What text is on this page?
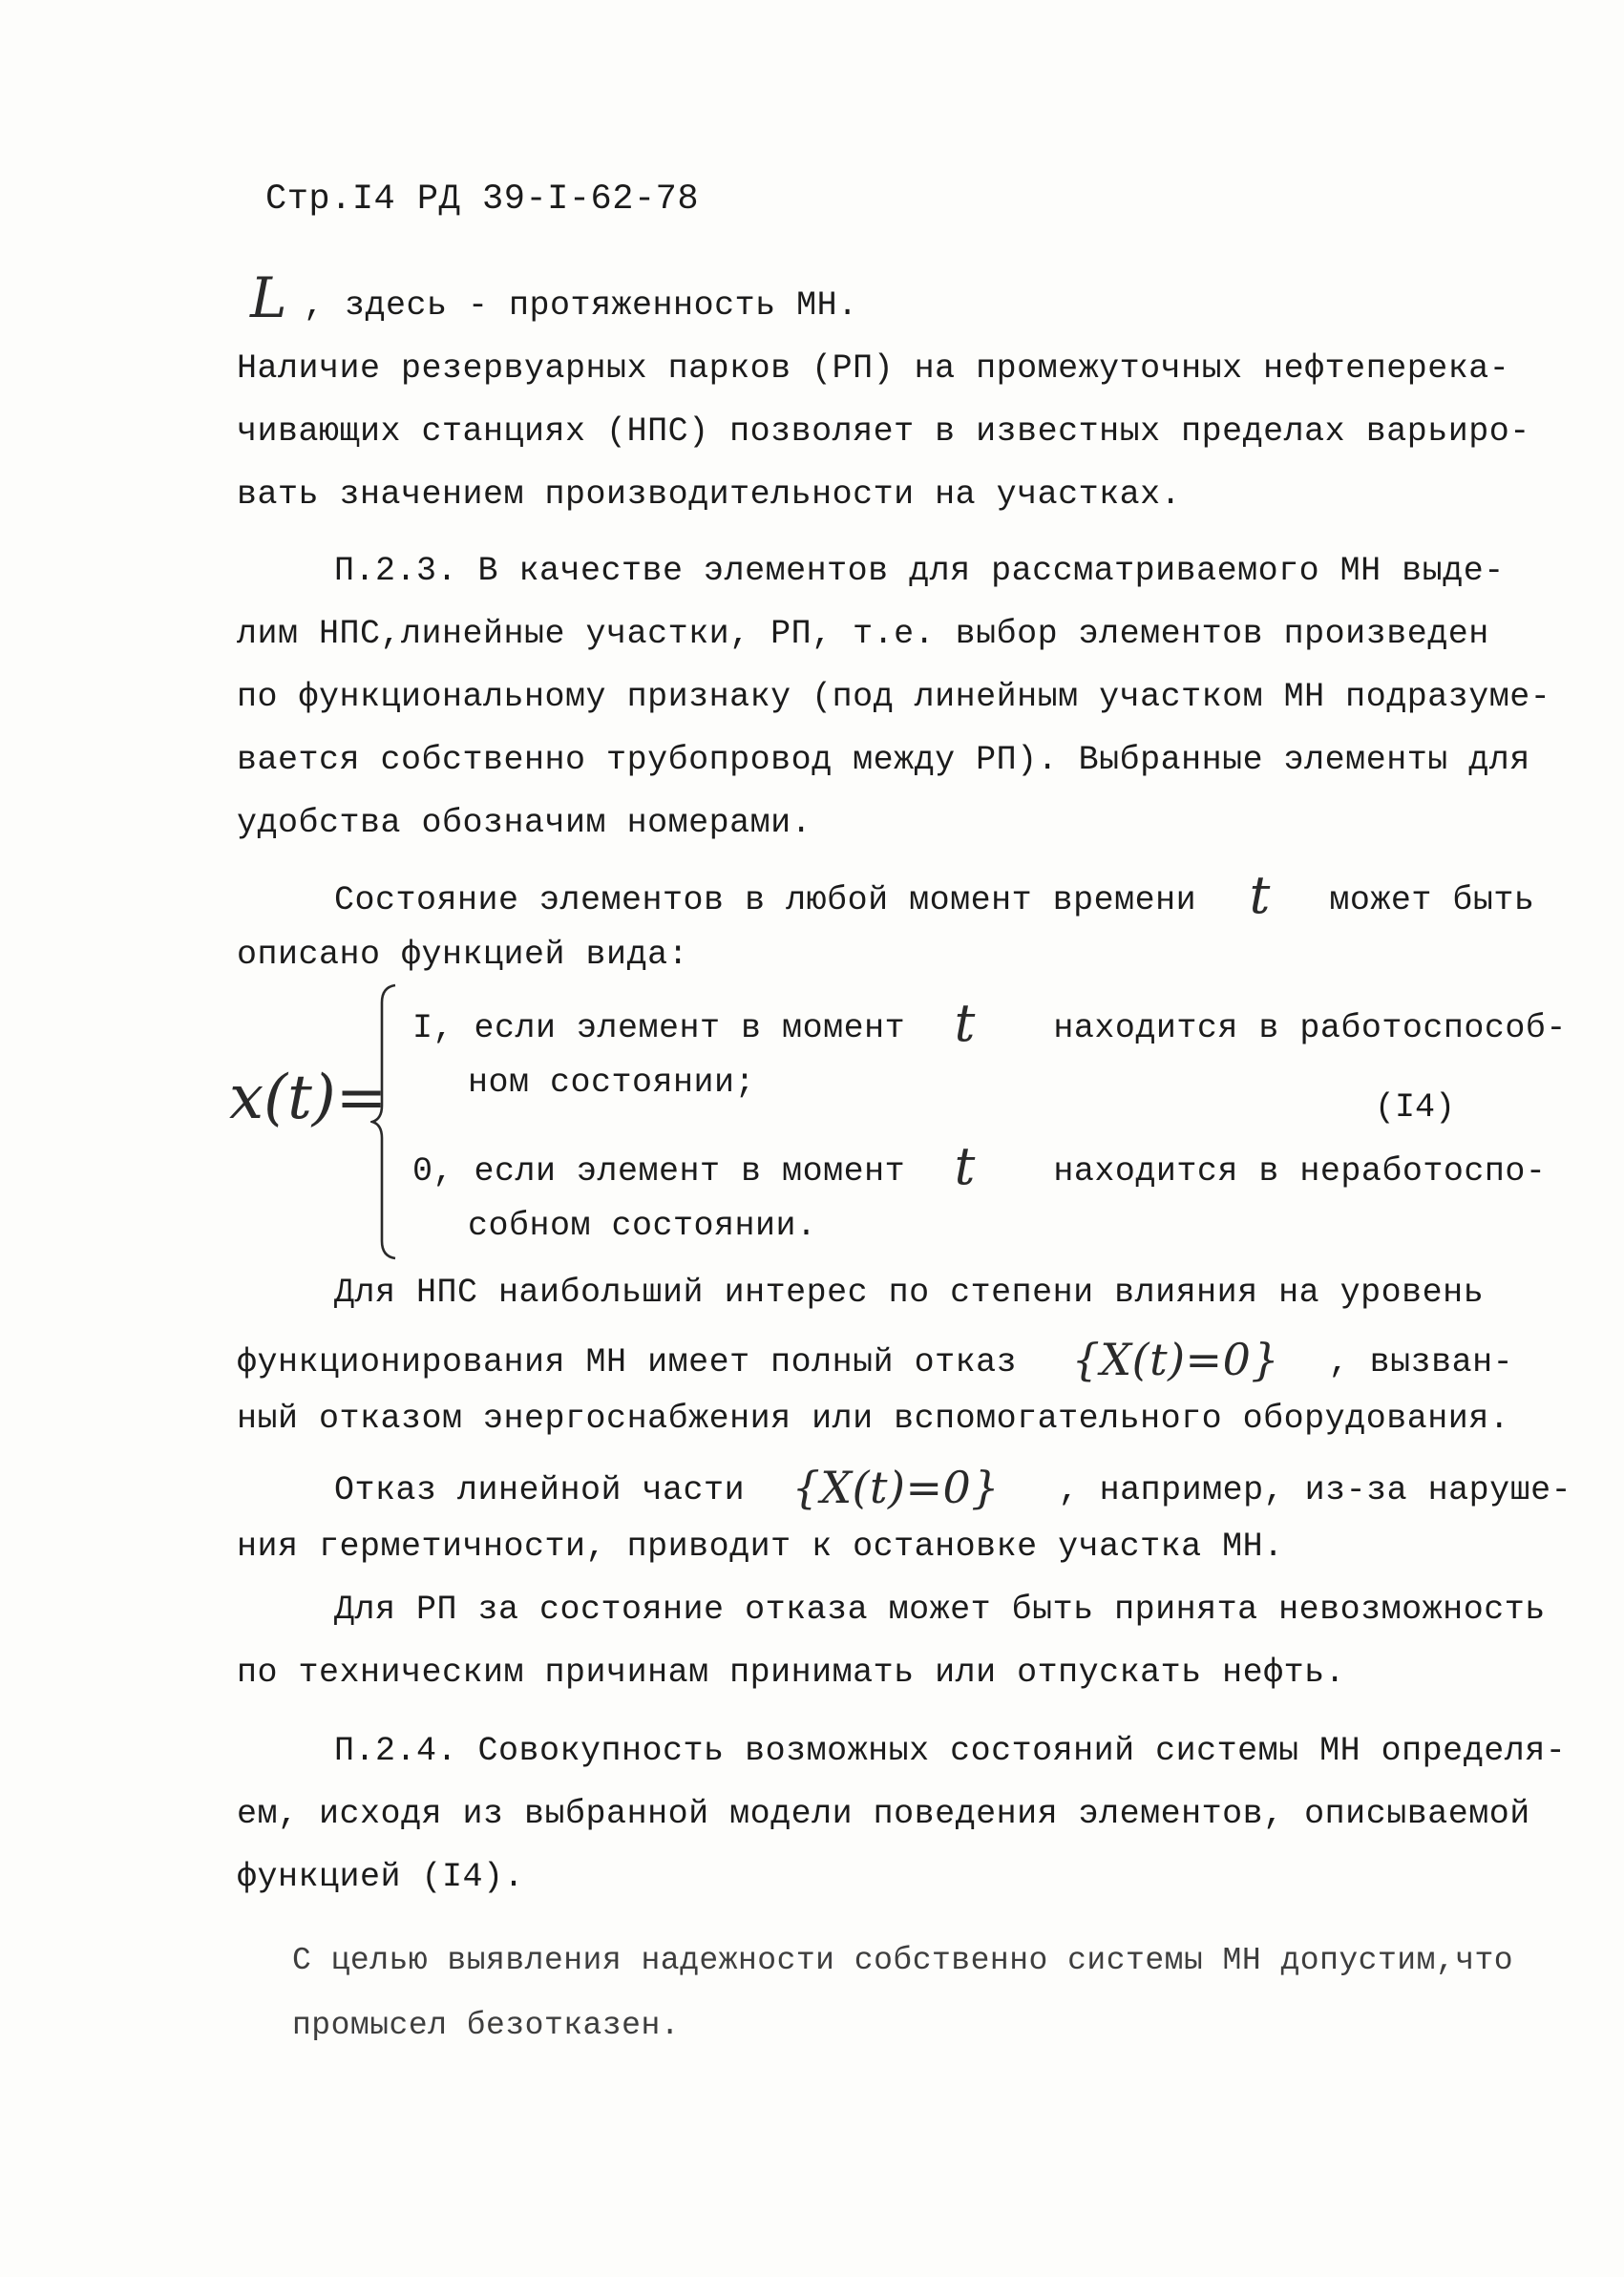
Стр.I4 РД 39-I-62-78
L , здесь - протяженность МН.
Наличие резервуарных парков (РП) на промежуточных нефтеперека-
чивающих станциях (НПС) позволяет в известных пределах варьиро-
вать значением производительности на участках.
П.2.3. В качестве элементов для рассматриваемого МН выде-
лим НПС,линейные участки, РП, т.е. выбор элементов произведен
по функциональному признаку (под линейным участком МН подразуме-
вается собственно трубопровод между РП). Выбранные элементы для
удобства обозначим номерами.
Состояние элементов в любой момент времени t может быть
описано функцией вида:
x(t)=
I, если элемент в момент t находится в работоспособ-
ном состоянии;
(I4)
0, если элемент в момент t находится в неработоспо-
собном состоянии.
Для НПС наибольший интерес по степени влияния на уровень
функционирования МН имеет полный отказ {X(t)=0} , вызван-
ный отказом энергоснабжения или вспомогательного оборудования.
Отказ линейной части {X(t)=0} , например, из-за наруше-
ния герметичности, приводит к остановке участка МН.
Для РП за состояние отказа может быть принята невозможность
по техническим причинам принимать или отпускать нефть.
П.2.4. Совокупность возможных состояний системы МН определя-
ем, исходя из выбранной модели поведения элементов, описываемой
функцией (I4).
С целью выявления надежности собственно системы МН допустим,что
промысел безотказен.
